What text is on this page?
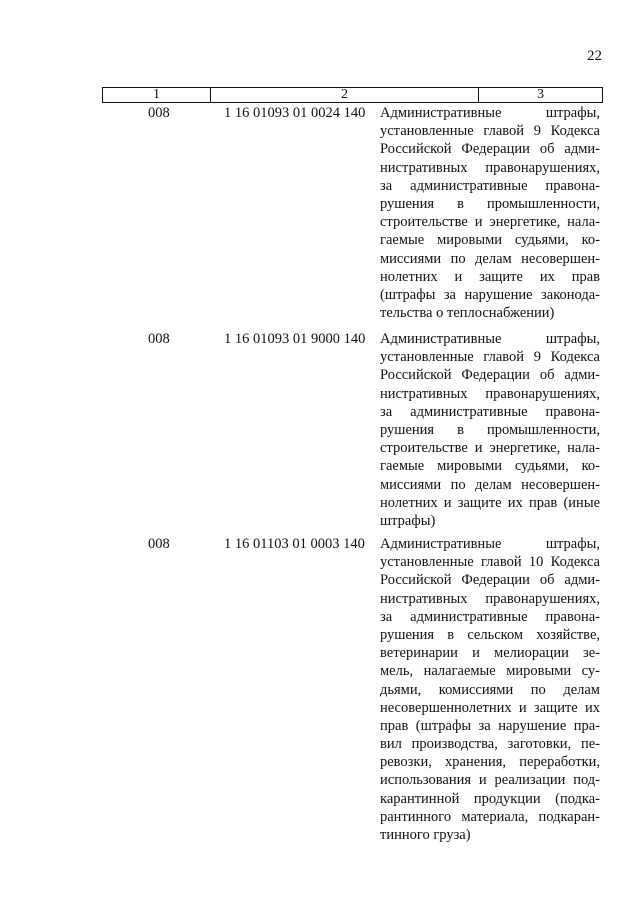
22
1	2	3
008	1 16 01093 01 0024 140 Административные штрафы,
установленные главой 9 Кодекса
Российской Федерации об адми-
нистративных правонарушениях,
за административные правона-
рушения в промышленности,
строительстве и энергетике, нала-
гаемые мировыми судьями, ко-
миссиями по делам несовершен-
нолетних и защите их прав
(штрафы за нарушение законода-
тельства о теплоснабжении)
008	1 16 01093 01 9000 140 Административные штрафы,
установленные главой 9 Кодекса
Российской Федерации об адми-
нистративных правонарушениях,
за административные правона-
рушения в промышленности,
строительстве и энергетике, нала-
гаемые мировыми судьями, ко-
миссиями по делам несовершен-
нолетних и защите их прав (иные
штрафы)
008	1 16 01103 01 0003 140 Административные штрафы,
установленные главой 10 Кодекса
Российской Федерации об адми-
нистративных правонарушениях,
за административные правона-
рушения в сельском хозяйстве,
ветеринарии и мелиорации зе-
мель, налагаемые мировыми су-
дьями, комиссиями по делам
несовершеннолетних и защите их
прав (штрафы за нарушение пра-
вил производства, заготовки, пе-
ревозки, хранения, переработки,
использования и реализации под-
карантинной продукции (подка-
рантинного материала, подкаран-
тинного груза)
